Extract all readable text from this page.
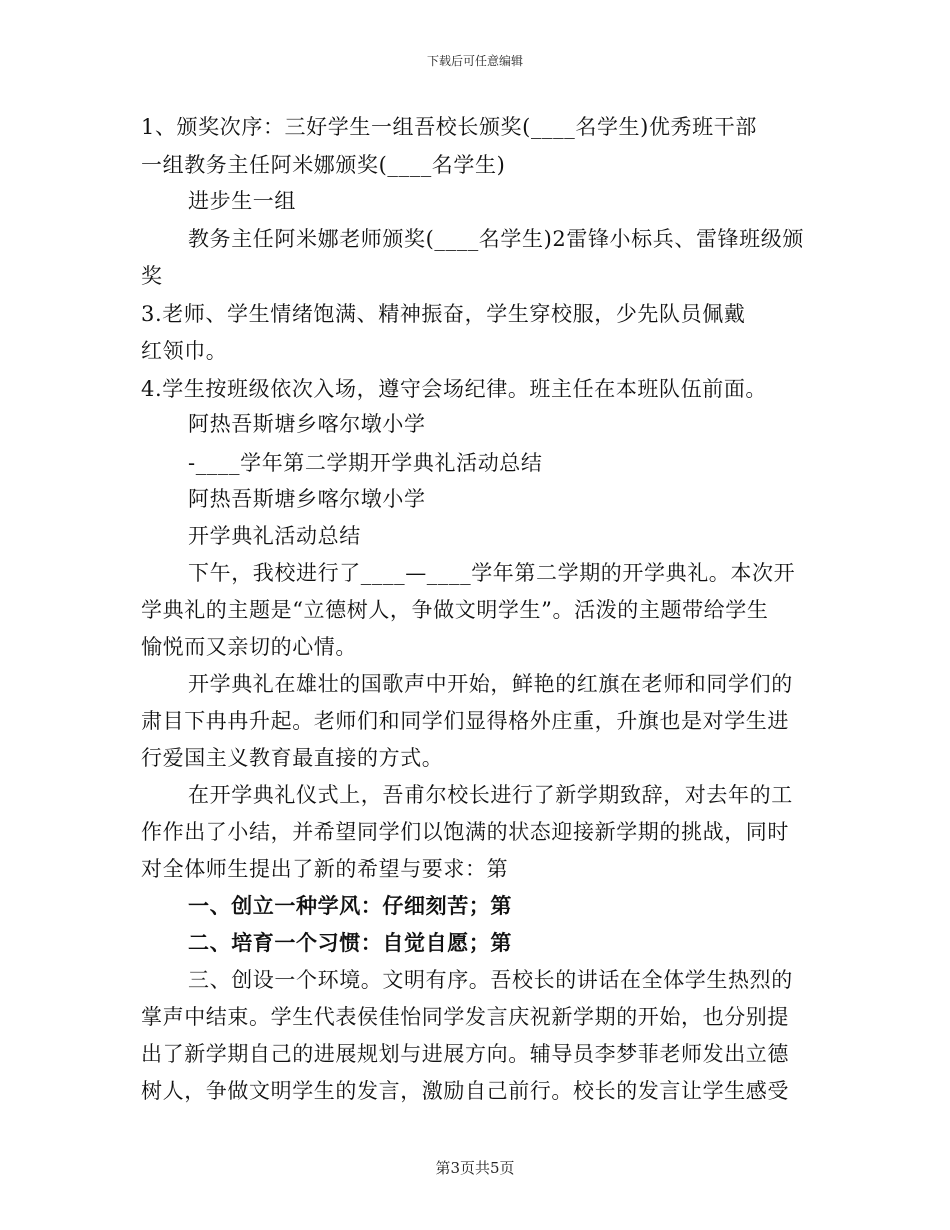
下载后可任意编辑
1、颁奖次序：三好学生一组吾校长颁奖(____名学生)优秀班干部
一组教务主任阿米娜颁奖(____名学生)
进步生一组
教务主任阿米娜老师颁奖(____名学生)2雷锋小标兵、雷锋班级颁
奖
3.老师、学生情绪饱满、精神振奋，学生穿校服，少先队员佩戴
红领巾。
4.学生按班级依次入场，遵守会场纪律。班主任在本班队伍前面。
阿热吾斯塘乡喀尔墩小学
-____学年第二学期开学典礼活动总结
阿热吾斯塘乡喀尔墩小学
开学典礼活动总结
下午，我校进行了____—____学年第二学期的开学典礼。本次开
学典礼的主题是“立德树人，争做文明学生”。活泼的主题带给学生
愉悦而又亲切的心情。
开学典礼在雄壮的国歌声中开始，鲜艳的红旗在老师和同学们的
肃目下冉冉升起。老师们和同学们显得格外庄重，升旗也是对学生进
行爱国主义教育最直接的方式。
在开学典礼仪式上，吾甫尔校长进行了新学期致辞，对去年的工
作作出了小结，并希望同学们以饱满的状态迎接新学期的挑战，同时
对全体师生提出了新的希望与要求：第
一、创立一种学风：仔细刻苦；第
二、培育一个习惯：自觉自愿；第
三、创设一个环境。文明有序。吾校长的讲话在全体学生热烈的
掌声中结束。学生代表侯佳怡同学发言庆祝新学期的开始，也分别提
出了新学期自己的进展规划与进展方向。辅导员李梦菲老师发出立德
树人，争做文明学生的发言，激励自己前行。校长的发言让学生感受
第3页共5页
